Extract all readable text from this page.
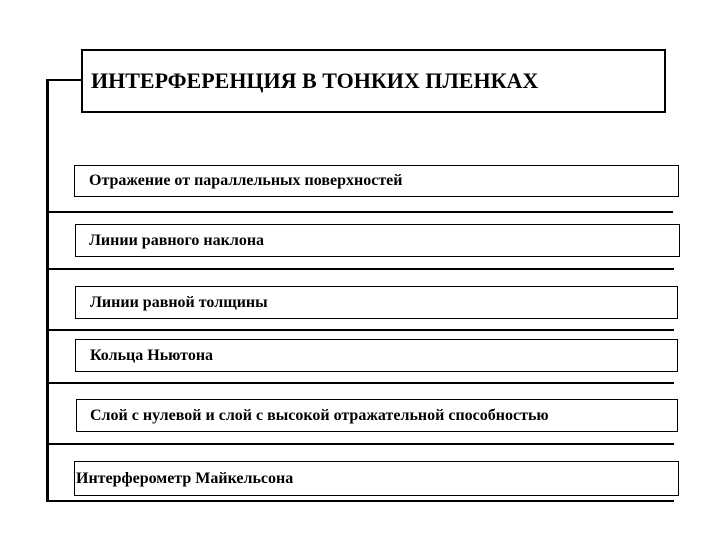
ИНТЕРФЕРЕНЦИЯ В ТОНКИХ ПЛЕНКАХ
Отражение от параллельных поверхностей
Линии равного наклона
Линии равной толщины
Кольца Ньютона
Слой с нулевой и слой с высокой отражательной способностью
Интерферометр Майкельсона
